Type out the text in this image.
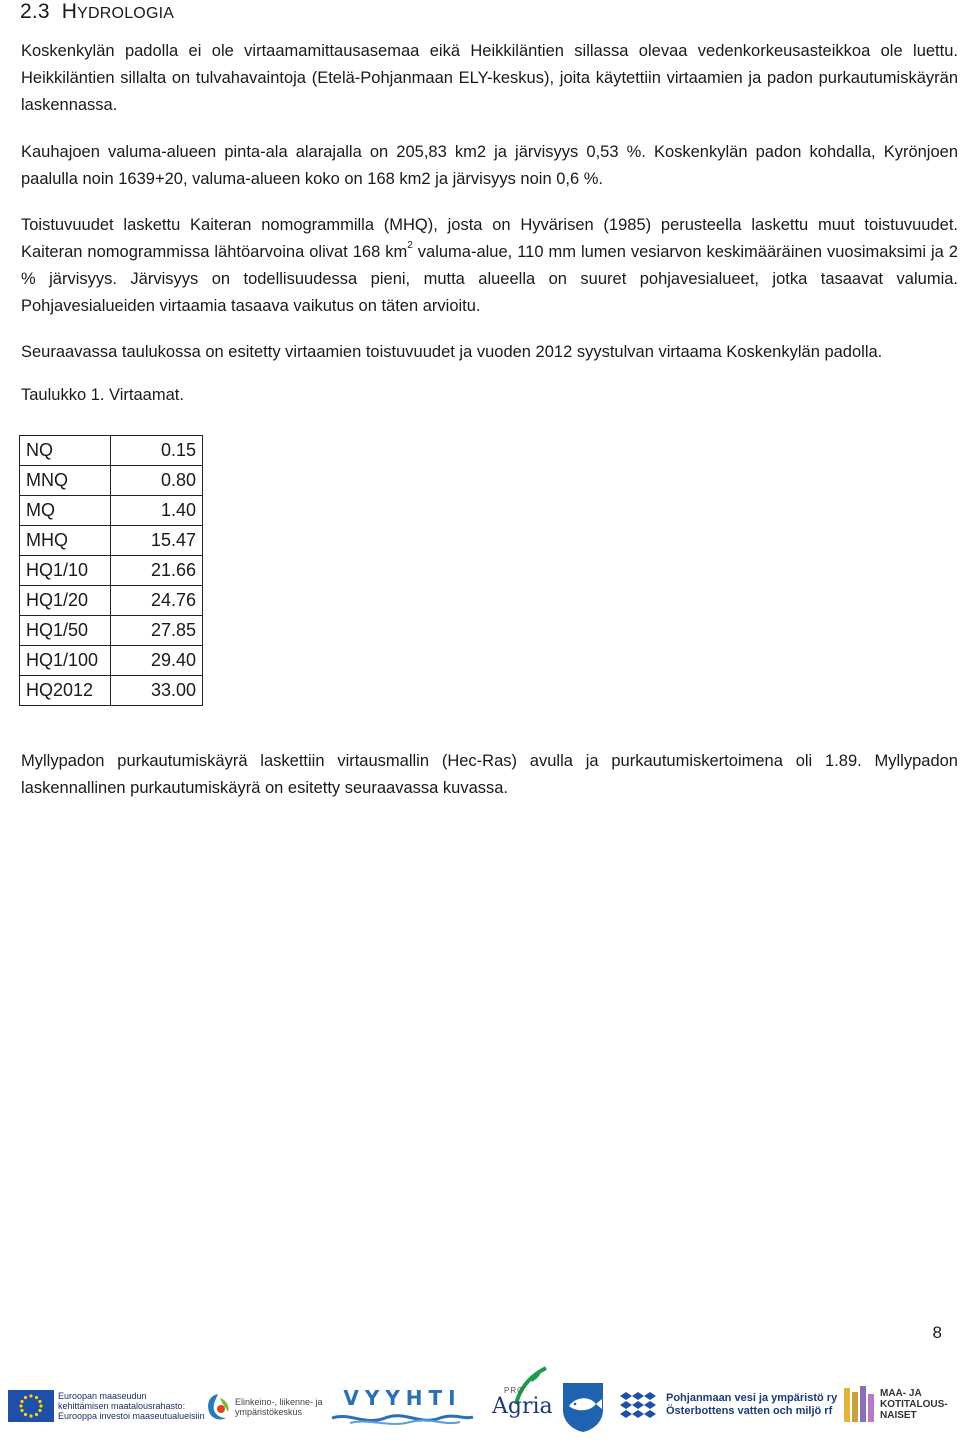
2.3 HYDROLOGIA

Koskenkylän padolla ei ole virtaamamittausasemaa eikä Heikkiläntien sillassa olevaa vedenkorkeusasteikkoa ole luettu. Heikkiläntien sillalta on tulvahavaintoja (Etelä-Pohjanmaan ELY-keskus), joita käytettiin virtaamien ja padon purkautumiskäyrän laskennassa.

Kauhajoen valuma-alueen pinta-ala alarajalla on 205,83 km2 ja järvisyys 0,53 %. Koskenkylän padon kohdalla, Kyrönjoen paalulla noin 1639+20, valuma-alueen koko on 168 km2 ja järvisyys noin 0,6 %.

Toistuvuudet laskettu Kaiteran nomogrammilla (MHQ), josta on Hyvärisen (1985) perusteella laskettu muut toistuvuudet. Kaiteran nomogrammissa lähtöarvoina olivat 168 $km^2$ valuma-alue, 110 mm lumen vesiarvon keskimääräinen vuosimaksimi ja 2 % järvisyys. Järvisyys on todellisuudessa pieni, mutta alueella on suuret pohjavesialueet, jotka tasaavat valumia. Pohjavesialueiden virtaamia tasaava vaikutus on täten arvioitu.

Seuraavassa taulukossa on esitetty virtaamien toistuvuudet ja vuoden 2012 syystulvan virtaama Koskenkylän padolla.

Taulukko 1. Virtaamat.
NQ	0.15
MNQ	0.80
MQ	1.40
MHQ	15.47
HQ1/10	21.66
HQ1/20	24.76
HQ1/50	27.85
HQ1/100	29.40
HQ2012	33.00

Myllypadon purkautumiskäyrä laskettiin virtausmallin (Hec-Ras) avulla ja purkautumiskertoimena oli 1.89. Myllypadon laskennallinen purkautumiskäyrä on esitetty seuraavassa kuvassa.

8
Euroopan maaseudun
kehittämisen maatalousrahasto:
Eurooppa investoi maaseutualueisiin
Elinkeino-, liikenne- ja
ympäristökeskus
VYYHTI	PRO
Agria	Pohjanmaan vesi ja ympäristö ry
Österbottens vatten och miljö rf
MAA- JA
KOTITALOUS-
NAISET
